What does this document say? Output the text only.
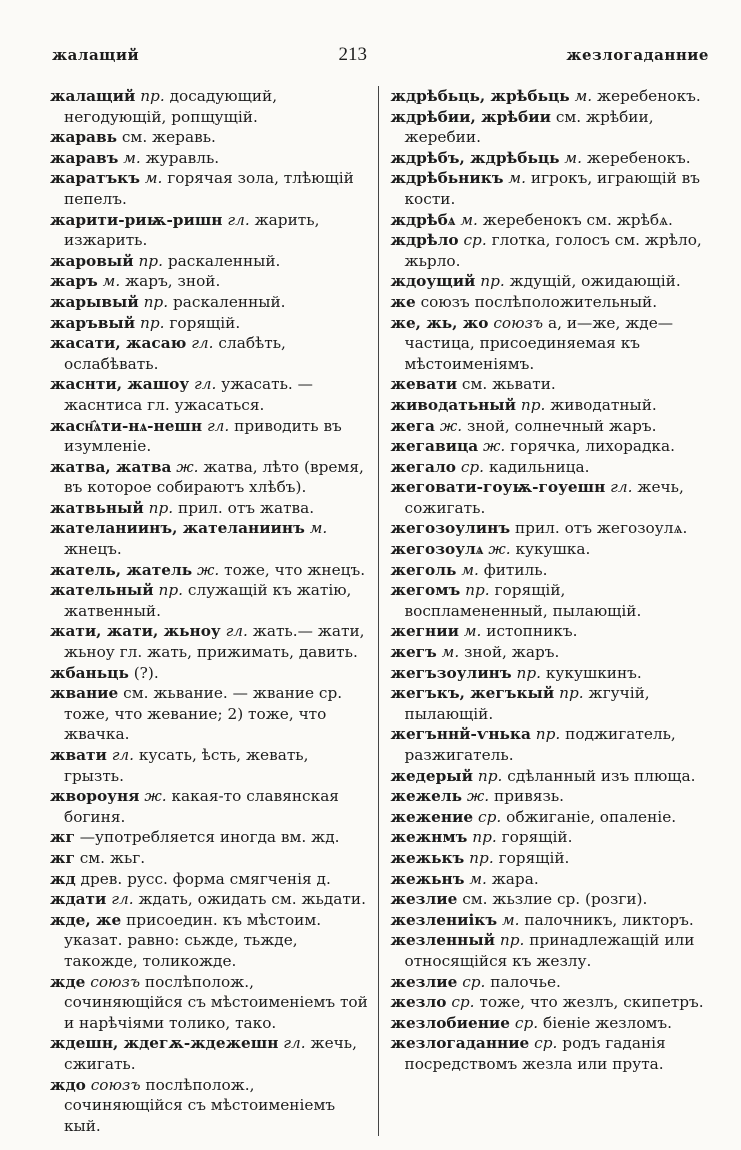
жалащий	213	жезлогаданние

жалащий пр. досадующий, негодующій, ропщущій.

жаравь см. жеравь.

жаравъ м. журавль.

жаратъкъ м. горячая зола, тлѣющій пепелъ.

жарити-риѭ-ришн гл. жарить, изжарить.

жаровый пр. раскаленный.

жаръ м. жаръ, зной.

жарывый пр. раскаленный.

жаръвый пр. горящій.

жасати, жасаю гл. слабѣть, ослабѣвать.

жаснти, жашоу гл. ужасать. — жаснтиса гл. ужасаться.

жасн҄ѧти-нѧ-нешн гл. приводить въ изумленіе.

жатва, жатва ж. жатва, лѣто (время, въ которое собираютъ хлѣбъ).

жатвьный пр. прил. отъ жатва.

жателаниинъ, жателаниинъ м. жнецъ.

жатель, жатель ж. тоже, что жнецъ.

жательный пр. служащій къ жатію, жатвенный.

жати, жати, жьноу гл. жать.— жати, жьноу гл. жать, прижимать, давить.

жбаньць (?).

жвание см. жьвание. — жвание ср. тоже, что жевание; 2) тоже, что жвачка.

жвати гл. кусать, ѣсть, жевать, грызть.

жвороуня ж. какая-то славянская богиня.

жг —употребляется иногда вм. жд.

жг см. жьг.

жд древ. русс. форма смягченія д.

ждати гл. ждать, ожидать см. жьдати.

жде, же присоедин. къ мѣстоим. указат. равно: сьжде, тьжде, такожде, толикожде.

жде союзъ послѣполож., сочиняющійся съ мѣстоименіемъ той и нарѣчіями толико, тако.

ждешн, ждегѫ-ждежешн гл. жечь, сжигать.

ждо союзъ послѣполож., сочиняющійся съ мѣстоименіемъ кый.

ждрѣбьць, жрѣбьць м. жеребенокъ.

ждрѣбии, жрѣбии см. жрѣбии, жеребии.

ждрѣбъ, ждрѣбьць м. жеребенокъ.

ждрѣбьникъ м. игрокъ, играющій въ кости.

ждрѣбѧ м. жеребенокъ см. жрѣбѧ.

ждрѣло ср. глотка, голосъ см. жрѣло, жьрло.

ждоущий пр. ждущій, ожидающій.

же союзъ послѣположительный.

же, жь, жо союзъ а, и—же, жде—частица, присоединяемая къ мѣстоименіямъ.

жевати см. жьвати.

живодатьный пр. живодатный.

жега ж. зной, солнечный жаръ.

жегавица ж. горячка, лихорадка.

жегало ср. кадильница.

жеговати-гоуѭ-гоуешн гл. жечь, сожигать.

жегозоулинъ прил. отъ жегозоулѧ.

жегозоулѧ ж. кукушка.

жеголь м. фитиль.

жегомъ пр. горящій, воспламененный, пылающій.

жегнии м. истопникъ.

жегъ м. зной, жаръ.

жегъзоулинъ пр. кукушкинъ.

жегъкъ, жегъкый пр. жгучій, пылающій.

жегъннй-ѵнька пр. поджигатель, разжигатель.

жедерый пр. сдѣланный изъ плюща.

жежель ж. привязь.

жежение ср. обжиганіе, опаленіе.

жежнмъ пр. горящій.

жежькъ пр. горящій.

жежьнъ м. жара.

жезлие см. жьзлие ср. (розги).

жезлениікъ м. палочникъ, ликторъ.

жезленный пр. принадлежащій или относящійся къ жезлу.

жезлие ср. палочье.

жезло ср. тоже, что жезлъ, скипетръ.

жезлобиение ср. біеніе жезломъ.

жезлогаданние ср. родъ гаданія посредствомъ жезла или прута.
